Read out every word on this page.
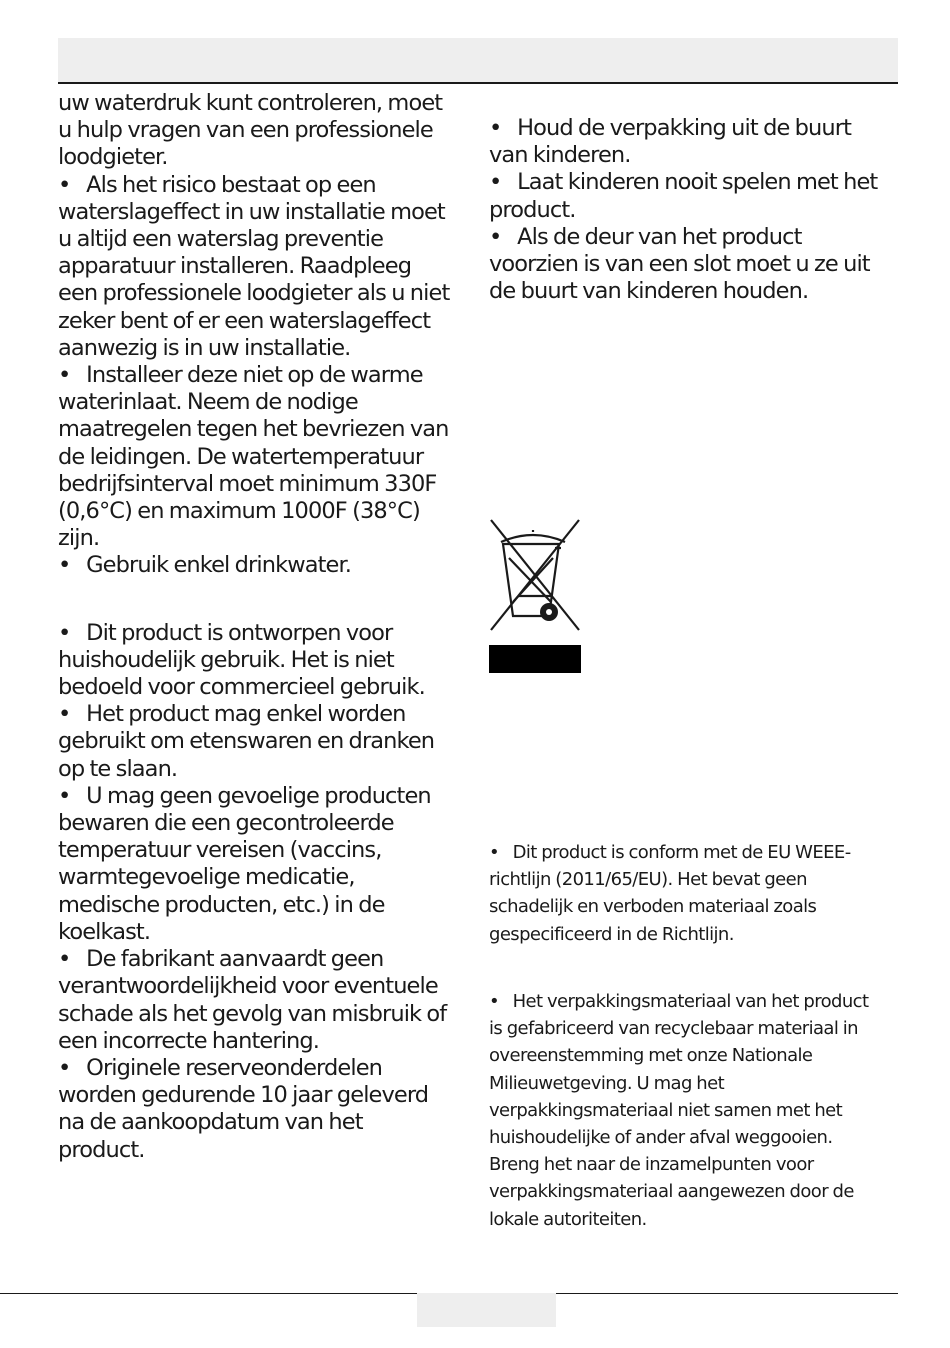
uw waterdruk kunt controleren, moet u hulp vragen van een professionele loodgieter.

•   Als het risico bestaat op een waterslageffect in uw installatie moet u altijd een waterslag preventie apparatuur installeren. Raadpleeg een professionele loodgieter als u niet zeker bent of er een waterslageffect aanwezig is in uw installatie.

•   Installeer deze niet op de warme waterinlaat. Neem de nodige maatregelen tegen het bevriezen van de leidingen. De watertemperatuur bedrijfsinterval moet minimum 330F (0,6°C) en maximum 1000F (38°C) zijn.

•   Gebruik enkel drinkwater.

•   Dit product is ontworpen voor huishoudelijk gebruik. Het is niet bedoeld voor commercieel gebruik.

•   Het product mag enkel worden gebruikt om etenswaren en dranken op te slaan.

•   U mag geen gevoelige producten bewaren die een gecontroleerde temperatuur vereisen (vaccins, warmtegevoelige medicatie, medische producten, etc.) in de koelkast.

•   De fabrikant aanvaardt geen verantwoordelijkheid voor eventuele schade als het gevolg van misbruik of een incorrecte hantering.

•   Originele reserveonderdelen worden gedurende 10 jaar geleverd na de aankoopdatum van het product.

•   Houd de verpakking uit de buurt van kinderen.

•   Laat kinderen nooit spelen met het product.

•   Als de deur van het product voorzien is van een slot moet u ze uit de buurt van kinderen houden.

•   Dit product is conform met de EU WEEE-richtlijn (2011/65/EU). Het bevat geen schadelijk en verboden materiaal zoals gespecificeerd in de Richtlijn.

•   Het verpakkingsmateriaal van het product is gefabriceerd van recyclebaar materiaal in overeenstemming met onze Nationale Milieuwetgeving. U mag het verpakkingsmateriaal niet samen met het huishoudelijke of ander afval weggooien. Breng het naar de inzamelpunten voor verpakkingsmateriaal aangewezen door de lokale autoriteiten.
